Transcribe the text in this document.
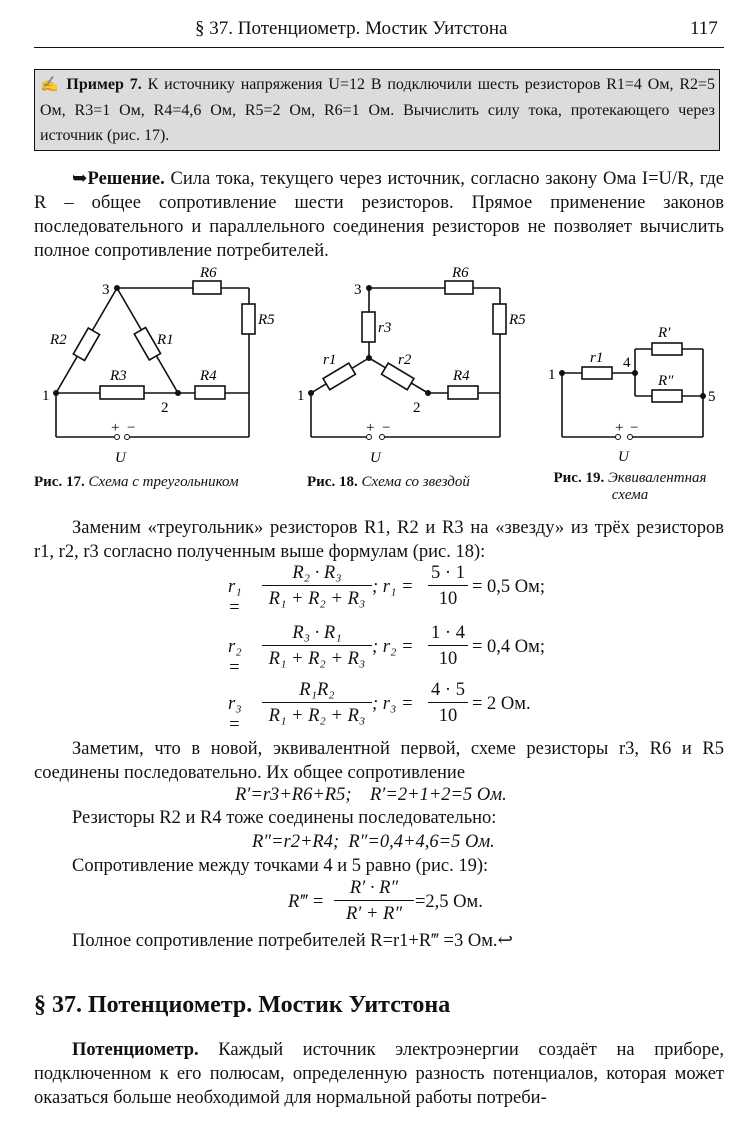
§ 37. Потенциометр. Мостик Уитстона	117
✍ Пример 7. К источнику напряжения U=12 В подключили шесть резисторов R1=4 Ом, R2=5 Ом, R3=1 Ом, R4=4,6 Ом, R5=2 Ом, R6=1 Ом. Вычислить силу тока, протекающего через источник (рис. 17).
➥Решение. Сила тока, текущего через источник, согласно закону Ома I=U/R, где R – общее сопротивление шести резисторов. Прямое применение законов последовательного и параллельного соединения резисторов не позволяет вычислить полное сопротивление потребителей.
R6
R5
R2	R1
R3	R4
U
3
1
2
+ −
R6
R5
r3
r1	r2
R4
U
3
1
2
+ −
R′
R″
r1
U
1
4
5
+ −
Рис. 17. Схема с треугольником	Рис. 18. Схема со звездой	Рис. 19. Эквивалентная схема
Заменим «треугольник» резисторов R1, R2 и R3 на «звезду» из трёх резисторов r1, r2, r3 согласно полученным выше формулам (рис. 18):
r₁ =
R₂ · R₃
R₁ + R₂ + R₃
; r₁ =
5 · 1
10
= 0,5 Ом;
r₂ =
R₃ · R₁
R₁ + R₂ + R₃
; r₂ =
1 · 4
10
= 0,4 Ом;
r₃ =
R₁R₂
R₁ + R₂ + R₃
; r₃ =
4 · 5
10
= 2 Ом.
Заметим, что в новой, эквивалентной первой, схеме резисторы r3, R6 и R5 соединены последовательно. Их общее сопротивление
R′=r3+R6+R5;    R′=2+1+2=5 Ом.
Резисторы R2 и R4 тоже соединены последовательно:
R″=r2+R4;  R″=0,4+4,6=5 Ом.
Сопротивление между точками 4 и 5 равно (рис. 19):
R‴ =
R′ · R″
R′ + R″
=2,5 Ом.
Полное сопротивление потребителей R=r1+R‴ =3 Ом.↩
§ 37. Потенциометр. Мостик Уитстона
Потенциометр. Каждый источник электроэнергии создаёт на приборе, подключенном к его полюсам, определенную разность потенциалов, которая может оказаться больше необходимой для нормальной работы потреби-
